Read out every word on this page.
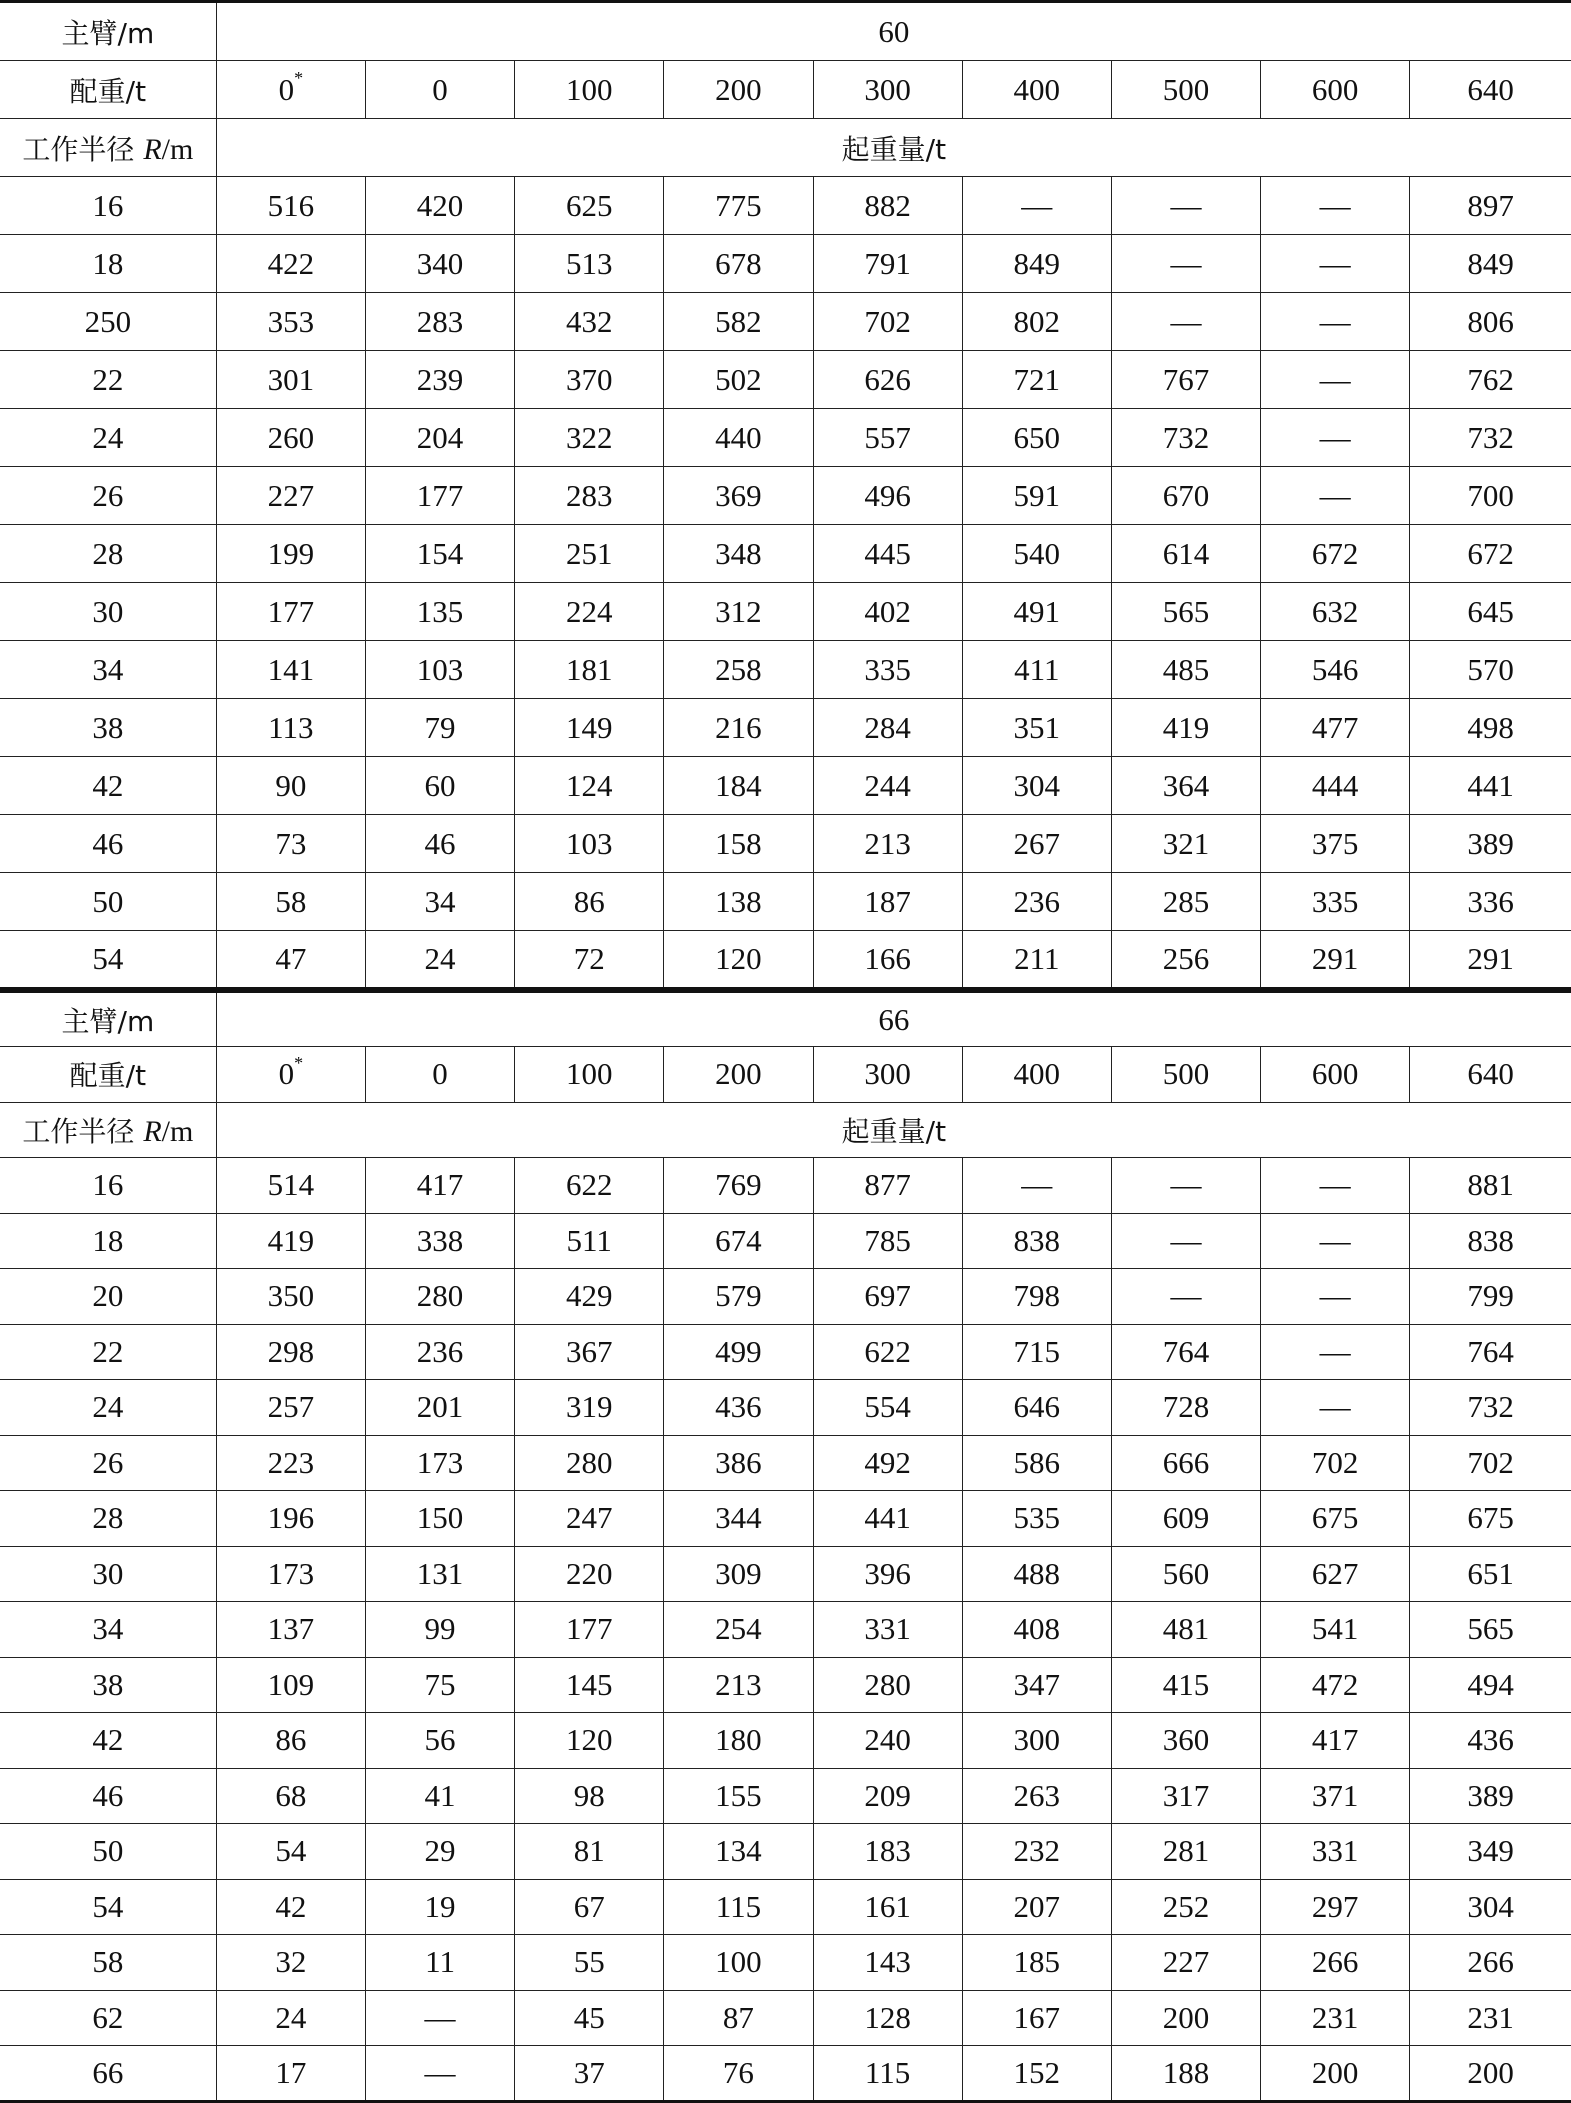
主臂/m	60								
配重/t	0*	0	100	200	300	400	500	600	640
工作半径 R/m	起重量/t								
16	516	420	625	775	882	—	—	—	897
18	422	340	513	678	791	849	—	—	849
250	353	283	432	582	702	802	—	—	806
22	301	239	370	502	626	721	767	—	762
24	260	204	322	440	557	650	732	—	732
26	227	177	283	369	496	591	670	—	700
28	199	154	251	348	445	540	614	672	672
30	177	135	224	312	402	491	565	632	645
34	141	103	181	258	335	411	485	546	570
38	113	79	149	216	284	351	419	477	498
42	90	60	124	184	244	304	364	444	441
46	73	46	103	158	213	267	321	375	389
50	58	34	86	138	187	236	285	335	336
54	47	24	72	120	166	211	256	291	291
主臂/m	66								
配重/t	0*	0	100	200	300	400	500	600	640
工作半径 R/m	起重量/t								
16	514	417	622	769	877	—	—	—	881
18	419	338	511	674	785	838	—	—	838
20	350	280	429	579	697	798	—	—	799
22	298	236	367	499	622	715	764	—	764
24	257	201	319	436	554	646	728	—	732
26	223	173	280	386	492	586	666	702	702
28	196	150	247	344	441	535	609	675	675
30	173	131	220	309	396	488	560	627	651
34	137	99	177	254	331	408	481	541	565
38	109	75	145	213	280	347	415	472	494
42	86	56	120	180	240	300	360	417	436
46	68	41	98	155	209	263	317	371	389
50	54	29	81	134	183	232	281	331	349
54	42	19	67	115	161	207	252	297	304
58	32	11	55	100	143	185	227	266	266
62	24	—	45	87	128	167	200	231	231
66	17	—	37	76	115	152	188	200	200
